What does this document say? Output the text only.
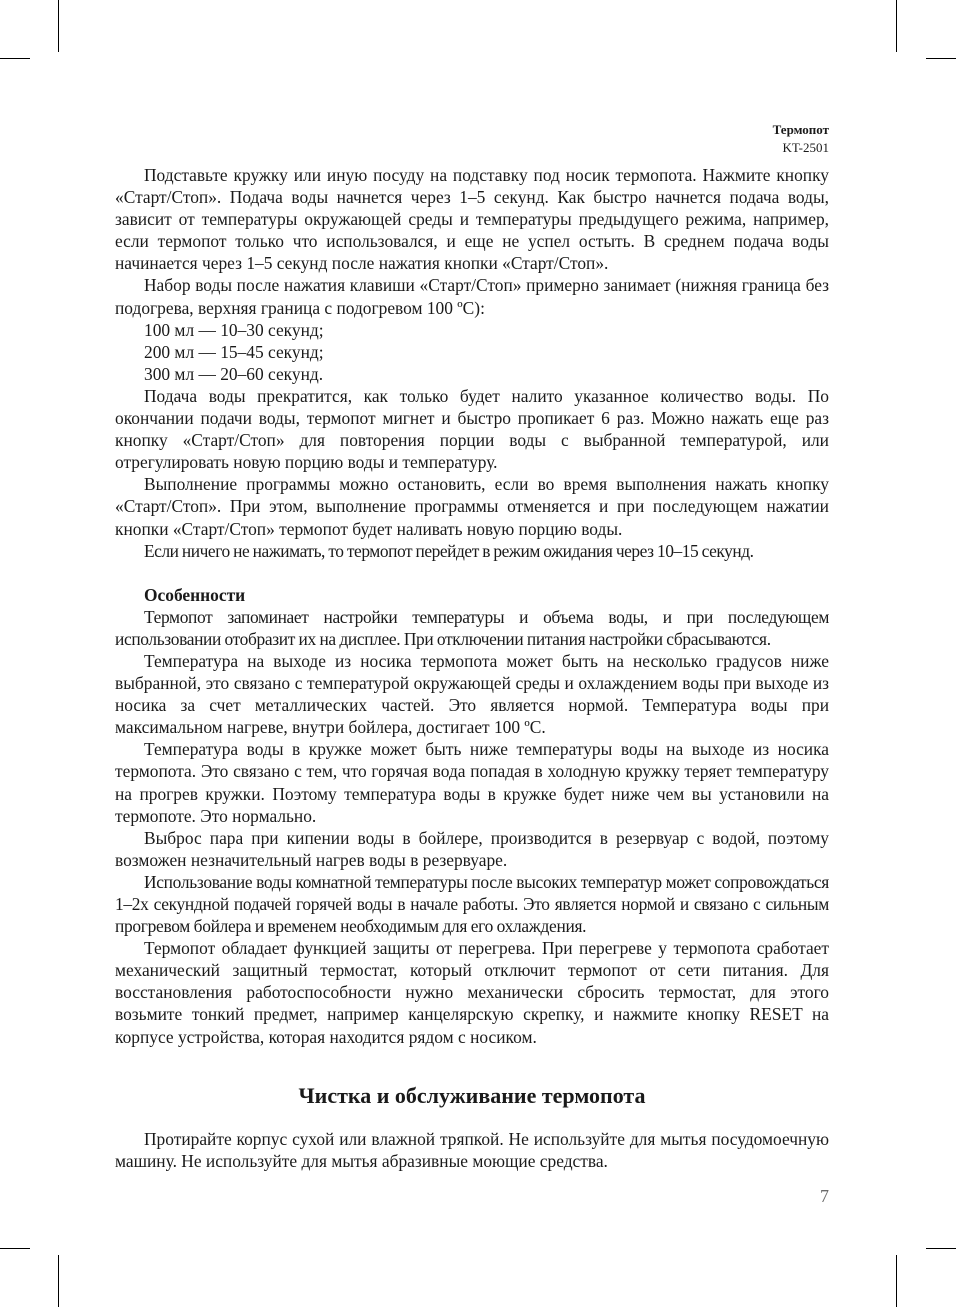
Термопот
KT-2501

Подставьте кружку или иную посуду на подставку под носик термопота. Нажмите кнопку «Старт/Стоп». Подача воды начнется через 1–5 секунд. Как быстро начнется подача воды, зависит от температуры окружающей среды и температуры предыдущего режима, например, если термопот только что использовался, и еще не успел остыть. В среднем подача воды начинается через 1–5 секунд после нажатия кнопки «Старт/Стоп».

Набор воды после нажатия клавиши «Старт/Стоп» примерно занимает (нижняя граница без подогрева, верхняя граница с подогревом 100 ºC):

100 мл — 10–30 секунд;
200 мл — 15–45 секунд;
300 мл — 20–60 секунд.

Подача воды прекратится, как только будет налито указанное количество воды. По окончании подачи воды, термопот мигнет и быстро пропикает 6 раз. Можно нажать еще раз кнопку «Старт/Стоп» для повторения порции воды с выбранной температурой, или отрегулировать новую порцию воды и температуру.

Выполнение программы можно остановить, если во время выполнения нажать кнопку «Старт/Стоп». При этом, выполнение программы отменяется и при последующем нажатии кнопки «Старт/Стоп» термопот будет наливать новую порцию воды.

Если ничего не нажимать, то термопот перейдет в режим ожидания через 10–15 секунд.

Особенности

Термопот запоминает настройки температуры и объема воды, и при последующем использовании отобразит их на дисплее. При отключении питания настройки сбрасываются.

Температура на выходе из носика термопота может быть на несколько градусов ниже выбранной, это связано с температурой окружающей среды и охлаждением воды при выходе из носика за счет металлических частей. Это является нормой. Температура воды при максимальном нагреве, внутри бойлера, достигает 100 ºC.

Температура воды в кружке может быть ниже температуры воды на выходе из носика термопота. Это связано с тем, что горячая вода попадая в холодную кружку теряет температуру на прогрев кружки. Поэтому температура воды в кружке будет ниже чем вы установили на термопоте. Это нормально.

Выброс пара при кипении воды в бойлере, производится в резервуар с водой, поэтому возможен незначительный нагрев воды в резервуаре.

Использование воды комнатной температуры после высоких температур может сопровождаться 1–2х секундной подачей горячей воды в начале работы. Это является нормой и связано с сильным прогревом бойлера и временем необходимым для его охлаждения.

Термопот обладает функцией защиты от перегрева. При перегреве у термопота сработает механический защитный термостат, который отключит термопот от сети питания. Для восстановления работоспособности нужно механически сбросить термостат, для этого возьмите тонкий предмет, например канцелярскую скрепку, и нажмите кнопку RESET на корпусе устройства, которая находится рядом с носиком.

Чистка и обслуживание термопота

Протирайте корпус сухой или влажной тряпкой. Не используйте для мытья посудомоечную машину. Не используйте для мытья абразивные моющие средства.

7
